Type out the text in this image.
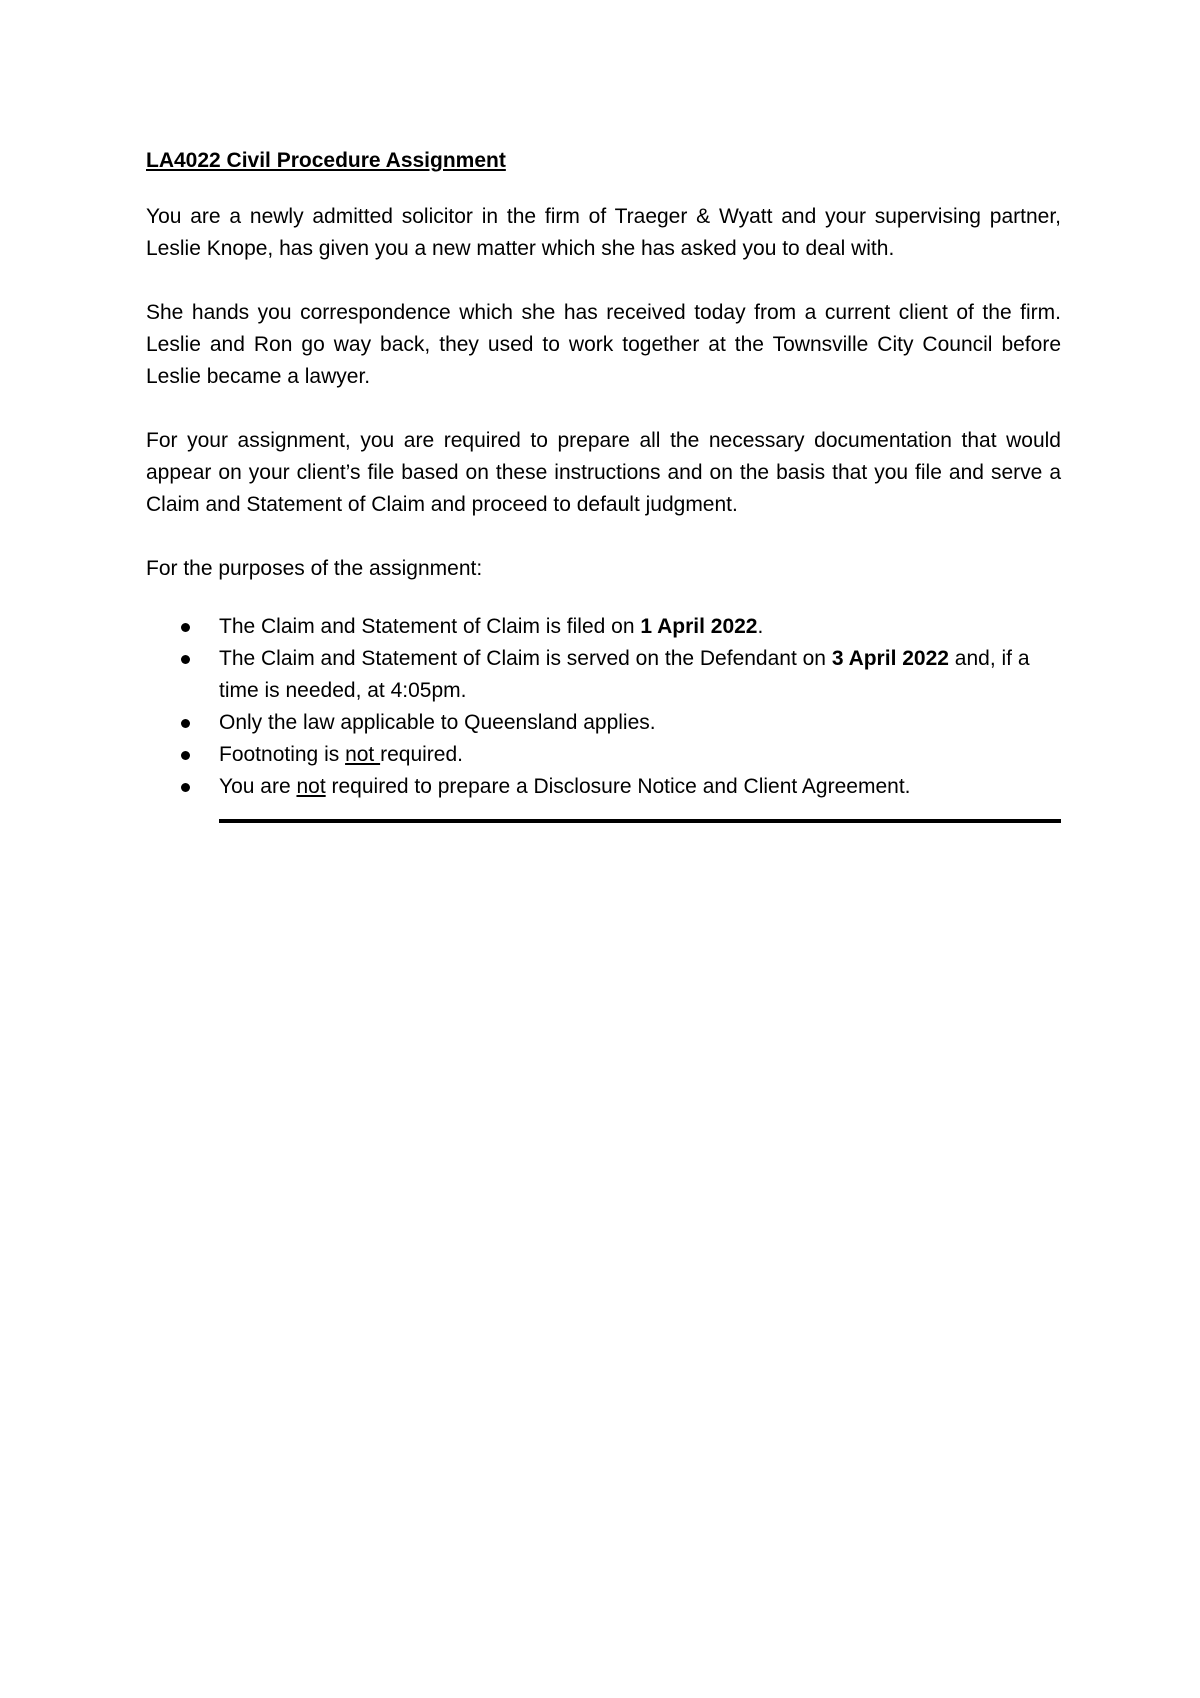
LA4022 Civil Procedure Assignment

You are a newly admitted solicitor in the firm of Traeger & Wyatt and your supervising partner, Leslie Knope, has given you a new matter which she has asked you to deal with.

She hands you correspondence which she has received today from a current client of the firm. Leslie and Ron go way back, they used to work together at the Townsville City Council before Leslie became a lawyer.

For your assignment, you are required to prepare all the necessary documentation that would appear on your client’s file based on these instructions and on the basis that you file and serve a Claim and Statement of Claim and proceed to default judgment.

For the purposes of the assignment:

The Claim and Statement of Claim is filed on 1 April 2022.
The Claim and Statement of Claim is served on the Defendant on 3 April 2022 and, if a time is needed, at 4:05pm.
Only the law applicable to Queensland applies.
Footnoting is not required.
You are not required to prepare a Disclosure Notice and Client Agreement.
